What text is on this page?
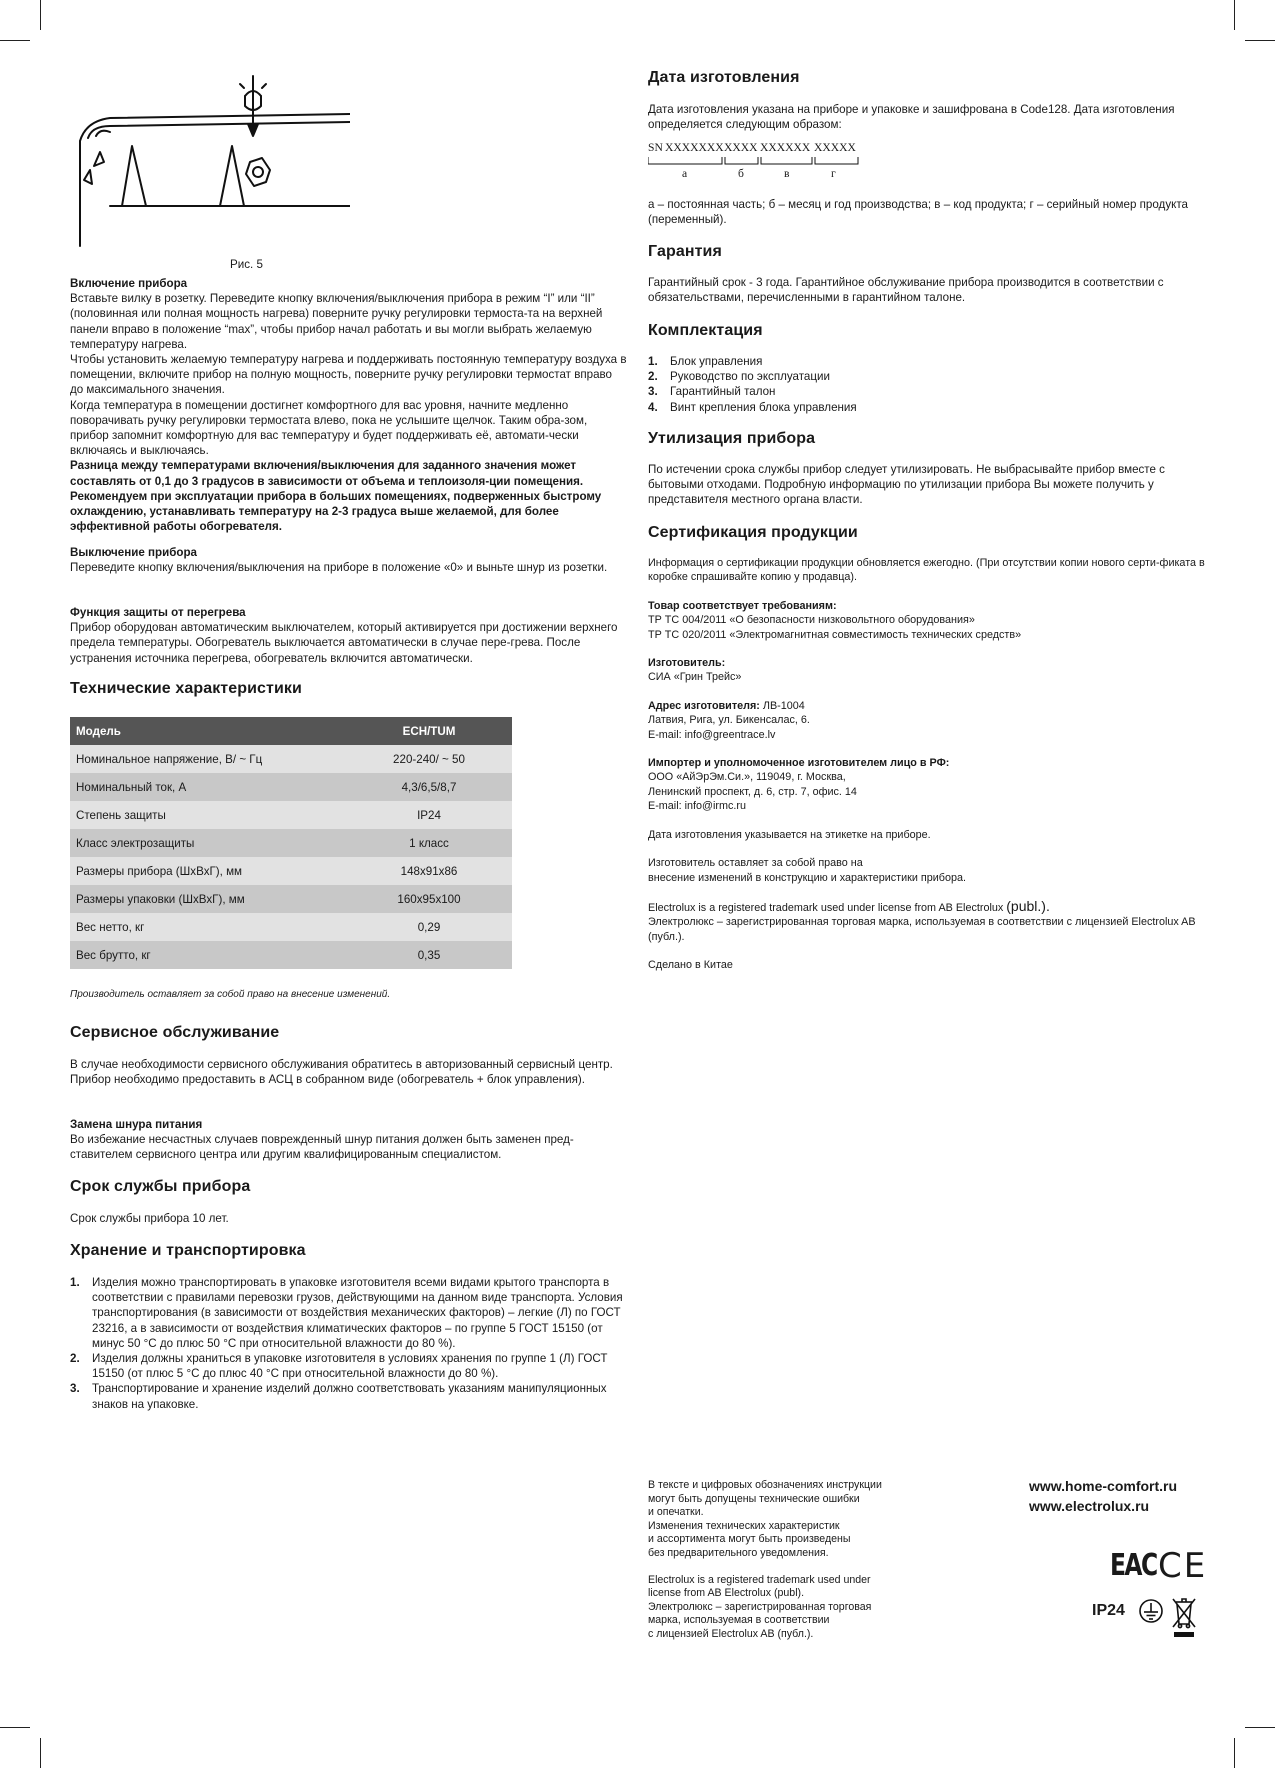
Рис. 5

Включение прибора

Вставьте вилку в розетку. Переведите кнопку включения/выключения прибора в режим “I” или “II” (половинная или полная мощность нагрева) поверните ручку регулировки термоста-та на верхней панели вправо в положение “max”, чтобы прибор начал работать и вы могли выбрать желаемую температуру нагрева.

Чтобы установить желаемую температуру нагрева и поддерживать постоянную температуру воздуха в помещении, включите прибор на полную мощность, поверните ручку регулировки термостат вправо до максимального значения.

Когда температура в помещении достигнет комфортного для вас уровня, начните медленно поворачивать ручку регулировки термостата влево, пока не услышите щелчок. Таким обра-зом, прибор запомнит комфортную для вас температуру и будет поддерживать её, автомати-чески включаясь и выключаясь.

Разница между температурами включения/выключения для заданного значения может составлять от 0,1 до 3 градусов в зависимости от объема и теплоизоля-ции помещения. Рекомендуем при эксплуатации прибора в больших помещениях, подверженных быстрому охлаждению, устанавливать температуру на 2-3 градуса выше желаемой, для более эффективной работы обогревателя.

Выключение прибора

Переведите кнопку включения/выключения на приборе в положение «0» и выньте шнур из розетки.

Функция защиты от перегрева

Прибор оборудован автоматическим выключателем, который активируется при достижении верхнего предела температуры. Обогреватель выключается автоматически в случае пере-грева. После устранения источника перегрева, обогреватель включится автоматически.

Технические характеристики
Модель	ECH/TUM
Номинальное напряжение, В/ ~ Гц	220-240/ ~ 50
Номинальный ток, А	4,3/6,5/8,7
Степень защиты	IP24
Класс электрозащиты	1 класс
Размеры прибора (ШхВхГ), мм	148х91х86
Размеры упаковки (ШхВхГ), мм	160х95х100
Вес нетто, кг	0,29
Вес брутто, кг	0,35
Производитель оставляет за собой право на внесение изменений.
Сервисное обслуживание

В случае необходимости сервисного обслуживания обратитесь в авторизованный сервисный центр. Прибор необходимо предоставить в АСЦ в собранном виде (обогреватель + блок управления).

Замена шнура питания

Во избежание несчастных случаев поврежденный шнур питания должен быть заменен пред-ставителем сервисного центра или другим квалифицированным специалистом.

Срок службы прибора
Срок службы прибора 10 лет.
Хранение и транспортировка
1. Изделия можно транспортировать в упаковке изготовителя всеми видами крытого транспорта в соответствии с правилами перевозки грузов, действующими на данном виде транспорта. Условия транспортирования (в зависимости от воздействия механических факторов) – легкие (Л) по ГОСТ 23216, а в зависимости от воздействия климатических факторов – по группе 5 ГОСТ 15150 (от минус 50 °С до плюс 50 °С при относительной влажности до 80 %).
2. Изделия должны храниться в упаковке изготовителя в условиях хранения по группе 1 (Л) ГОСТ 15150 (от плюс 5 °С до плюс 40 °С при относительной влажности до 80 %).
3. Транспортирование и хранение изделий должно соответствовать указаниям манипуляционных знаков на упаковке.
Дата изготовления

Дата изготовления указана на приборе и упаковке и зашифрована в Code128. Дата изготовления определяется следующим образом:

SN XXXXXXX XXXX XXXXXX XXXXX
а	б	в	г

а – постоянная часть; б – месяц и год производства; в – код продукта; г – серийный номер продукта (переменный).

Гарантия

Гарантийный срок - 3 года. Гарантийное обслуживание прибора производится в соответствии с обязательствами, перечисленными в гарантийном талоне.

Комплектация
1. Блок управления
2. Руководство по эксплуатации
3. Гарантийный талон
4. Винт крепления блока управления
Утилизация прибора

По истечении срока службы прибор следует утилизировать. Не выбрасывайте прибор вместе с бытовыми отходами. Подробную информацию по утилизации прибора Вы можете получить у представителя местного органа власти.

Сертификация продукции

Информация о сертификации продукции обновляется ежегодно. (При отсутствии копии нового серти-фиката в коробке спрашивайте копию у продавца).

Товар соответствует требованиям:

ТР ТС 004/2011 «О безопасности низковольтного оборудования»

ТР ТС 020/2011 «Электромагнитная совместимость технических средств»

Изготовитель:

СИА «Грин Трейс»

Адрес изготовителя: ЛВ-1004

Латвия, Рига, ул. Бикенсалас, 6.

E-mail: info@greentrace.lv

Импортер и уполномоченное изготовителем лицо в РФ:

ООО «АйЭрЭм.Си.», 119049, г. Москва,

Ленинский проспект, д. 6, стр. 7, офис. 14

E-mail: info@irmc.ru

Дата изготовления указывается на этикетке на приборе.

Изготовитель оставляет за собой право на

внесение изменений в конструкцию и характеристики прибора.

Electrolux is a registered trademark used under license from AB Electrolux (publ.).

Электролюкс – зарегистрированная торговая марка, используемая в соответствии с лицензией Electrolux AB (публ.).

Сделано в Китае

В тексте и цифровых обозначениях инструкции

могут быть допущены технические ошибки

и опечатки.

Изменения технических характеристик

и ассортимента могут быть произведены

без предварительного уведомления.

Electrolux is a registered trademark used under

license from AB Electrolux (publ).

Электролюкс – зарегистрированная торговая

марка, используемая в соответствии

с лицензией Electrolux AB (публ.).

www.home-comfort.ru

www.electrolux.ru

EAC CE
IP24
